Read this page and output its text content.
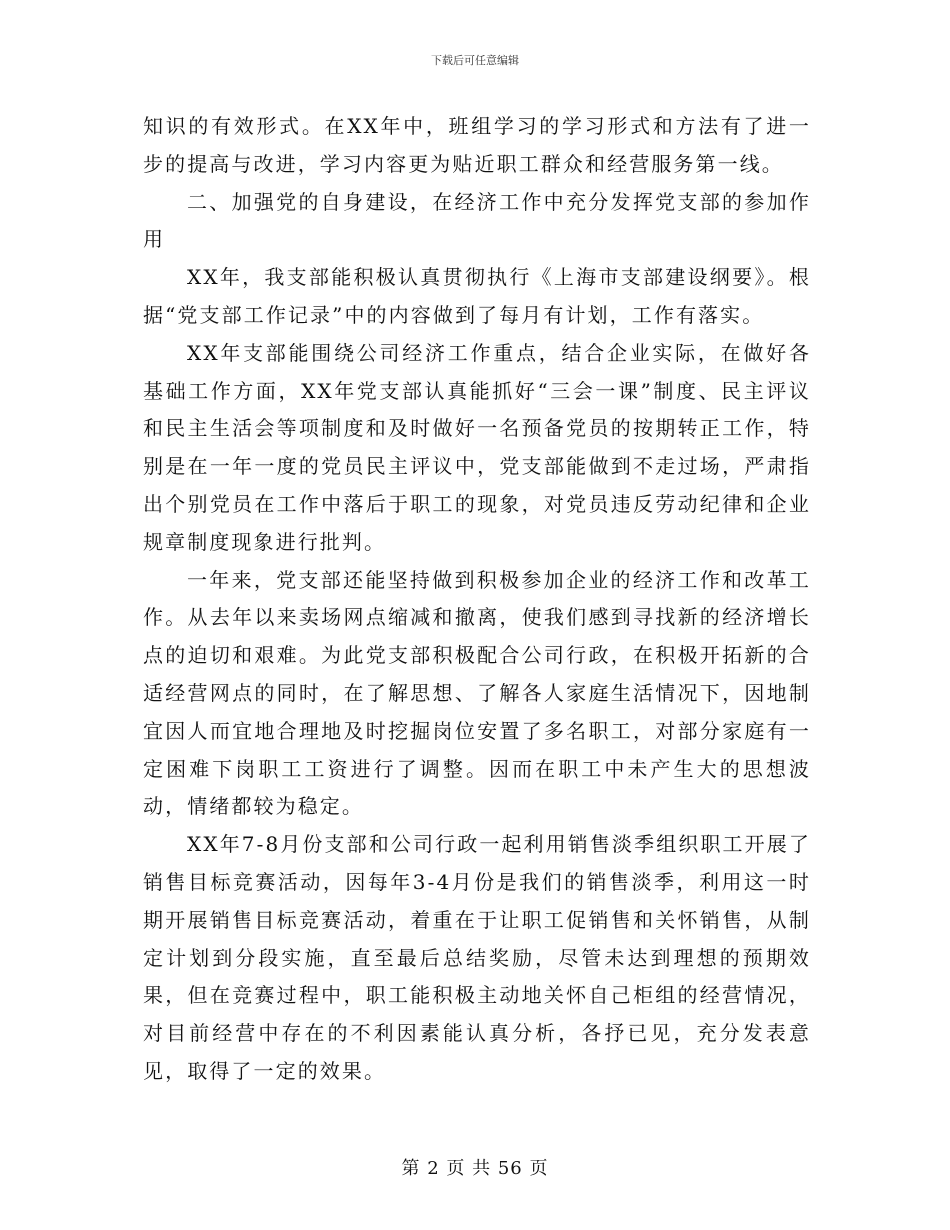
下载后可任意编辑

知识的有效形式。在XX年中，班组学习的学习形式和方法有了进一步的提高与改进，学习内容更为贴近职工群众和经营服务第一线。

二、加强党的自身建设，在经济工作中充分发挥党支部的参加作用

XX年，我支部能积极认真贯彻执行《上海市支部建设纲要》。根据“党支部工作记录”中的内容做到了每月有计划，工作有落实。

XX年支部能围绕公司经济工作重点，结合企业实际，在做好各基础工作方面，XX年党支部认真能抓好“三会一课”制度、民主评议和民主生活会等项制度和及时做好一名预备党员的按期转正工作，特别是在一年一度的党员民主评议中，党支部能做到不走过场，严肃指出个别党员在工作中落后于职工的现象，对党员违反劳动纪律和企业规章制度现象进行批判。

一年来，党支部还能坚持做到积极参加企业的经济工作和改革工作。从去年以来卖场网点缩减和撤离，使我们感到寻找新的经济增长点的迫切和艰难。为此党支部积极配合公司行政，在积极开拓新的合适经营网点的同时，在了解思想、了解各人家庭生活情况下，因地制宜因人而宜地合理地及时挖掘岗位安置了多名职工，对部分家庭有一定困难下岗职工工资进行了调整。因而在职工中未产生大的思想波动，情绪都较为稳定。

XX年7-8月份支部和公司行政一起利用销售淡季组织职工开展了销售目标竞赛活动，因每年3-4月份是我们的销售淡季，利用这一时期开展销售目标竞赛活动，着重在于让职工促销售和关怀销售，从制定计划到分段实施，直至最后总结奖励，尽管未达到理想的预期效果，但在竞赛过程中，职工能积极主动地关怀自己柜组的经营情况，对目前经营中存在的不利因素能认真分析，各抒已见，充分发表意见，取得了一定的效果。

第 2 页 共 56 页
